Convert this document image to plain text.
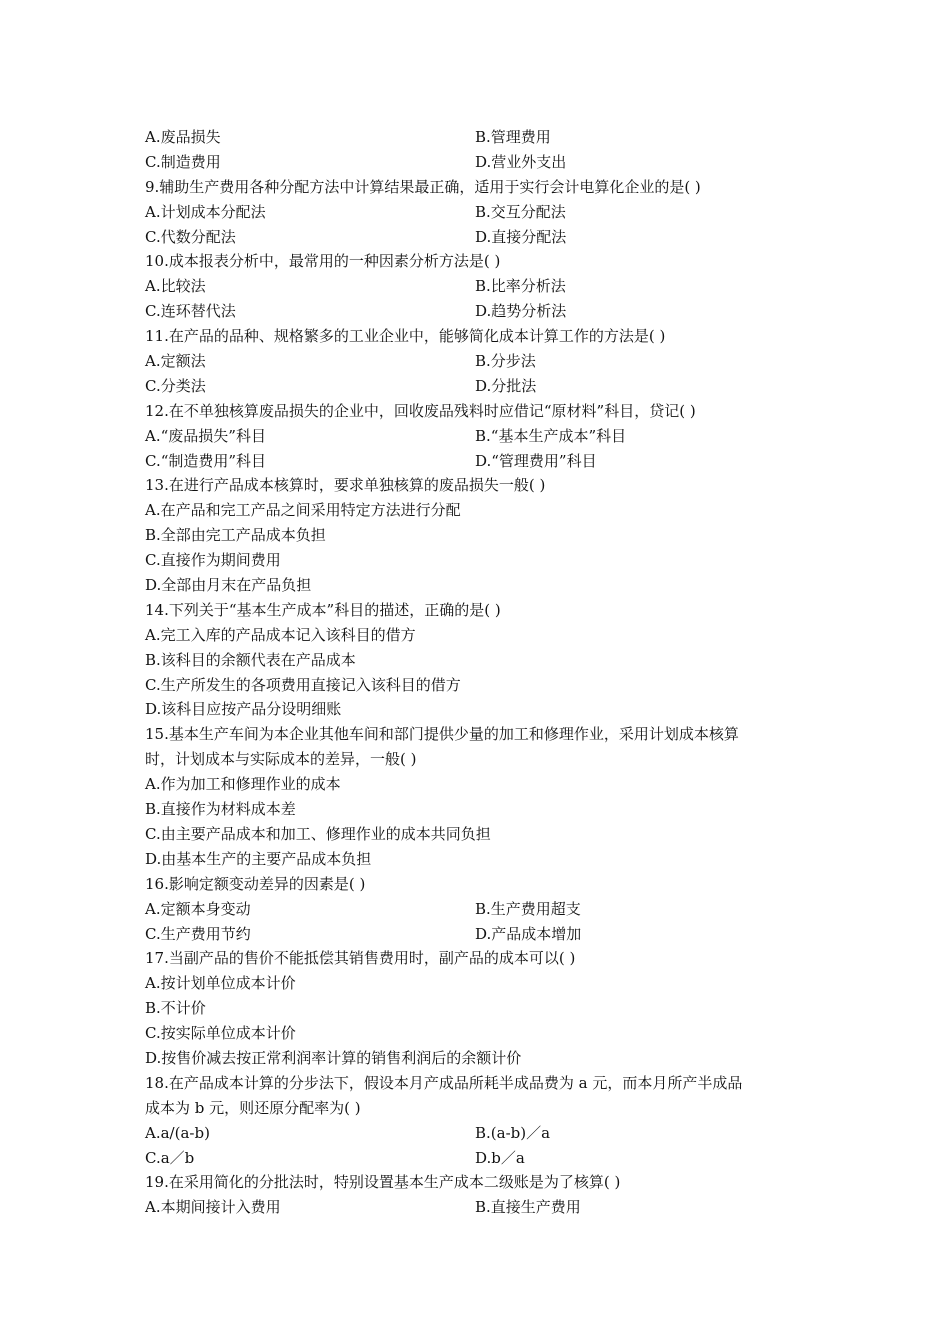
A.废品损失	B.管理费用
C.制造费用	D.营业外支出
9.辅助生产费用各种分配方法中计算结果最正确，适用于实行会计电算化企业的是( )
A.计划成本分配法	B.交互分配法
C.代数分配法	D.直接分配法
10.成本报表分析中，最常用的一种因素分析方法是( )
A.比较法	B.比率分析法
C.连环替代法	D.趋势分析法
11.在产品的品种、规格繁多的工业企业中，能够简化成本计算工作的方法是( )
A.定额法	B.分步法
C.分类法	D.分批法
12.在不单独核算废品损失的企业中，回收废品残料时应借记“原材料”科目，贷记( )
A.“废品损失”科目	B.“基本生产成本”科目
C.“制造费用”科目	D.“管理费用”科目
13.在进行产品成本核算时，要求单独核算的废品损失一般( )
A.在产品和完工产品之间采用特定方法进行分配
B.全部由完工产品成本负担
C.直接作为期间费用
D.全部由月末在产品负担
14.下列关于“基本生产成本”科目的描述，正确的是( )
A.完工入库的产品成本记入该科目的借方
B.该科目的余额代表在产品成本
C.生产所发生的各项费用直接记入该科目的借方
D.该科目应按产品分设明细账
15.基本生产车间为本企业其他车间和部门提供少量的加工和修理作业，采用计划成本核算
时，计划成本与实际成本的差异，一般( )
A.作为加工和修理作业的成本
B.直接作为材料成本差
C.由主要产品成本和加工、修理作业的成本共同负担
D.由基本生产的主要产品成本负担
16.影响定额变动差异的因素是( )
A.定额本身变动	B.生产费用超支
C.生产费用节约	D.产品成本增加
17.当副产品的售价不能抵偿其销售费用时，副产品的成本可以( )
A.按计划单位成本计价
B.不计价
C.按实际单位成本计价
D.按售价减去按正常利润率计算的销售利润后的余额计价
18.在产品成本计算的分步法下，假设本月产成品所耗半成品费为 a 元，而本月所产半成品
成本为 b 元，则还原分配率为( )
A.a/(a-b)	B.(a-b)／a
C.a／b	D.b／a
19.在采用简化的分批法时，特别设置基本生产成本二级账是为了核算( )
A.本期间接计入费用	B.直接生产费用
